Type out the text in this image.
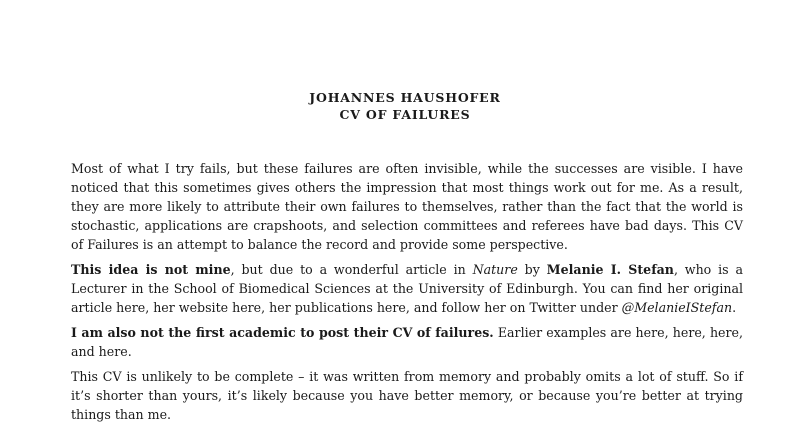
JOHANNES HAUSHOFER
CV OF FAILURES

Most of what I try fails, but these failures are often invisible, while the successes are visible. I have noticed that this sometimes gives others the impression that most things work out for me. As a result, they are more likely to attribute their own failures to themselves, rather than the fact that the world is stochastic, applications are crapshoots, and selection committees and referees have bad days. This CV of Failures is an attempt to balance the record and provide some perspective.

This idea is not mine, but due to a wonderful article in Nature by Melanie I. Stefan, who is a Lecturer in the School of Biomedical Sciences at the University of Edinburgh. You can find her original article here, her website here, her publications here, and follow her on Twitter under @MelanieIStefan.

I am also not the first academic to post their CV of failures. Earlier examples are here, here, here, and here.

This CV is unlikely to be complete – it was written from memory and probably omits a lot of stuff. So if it’s shorter than yours, it’s likely because you have better memory, or because you’re better at trying things than me.
